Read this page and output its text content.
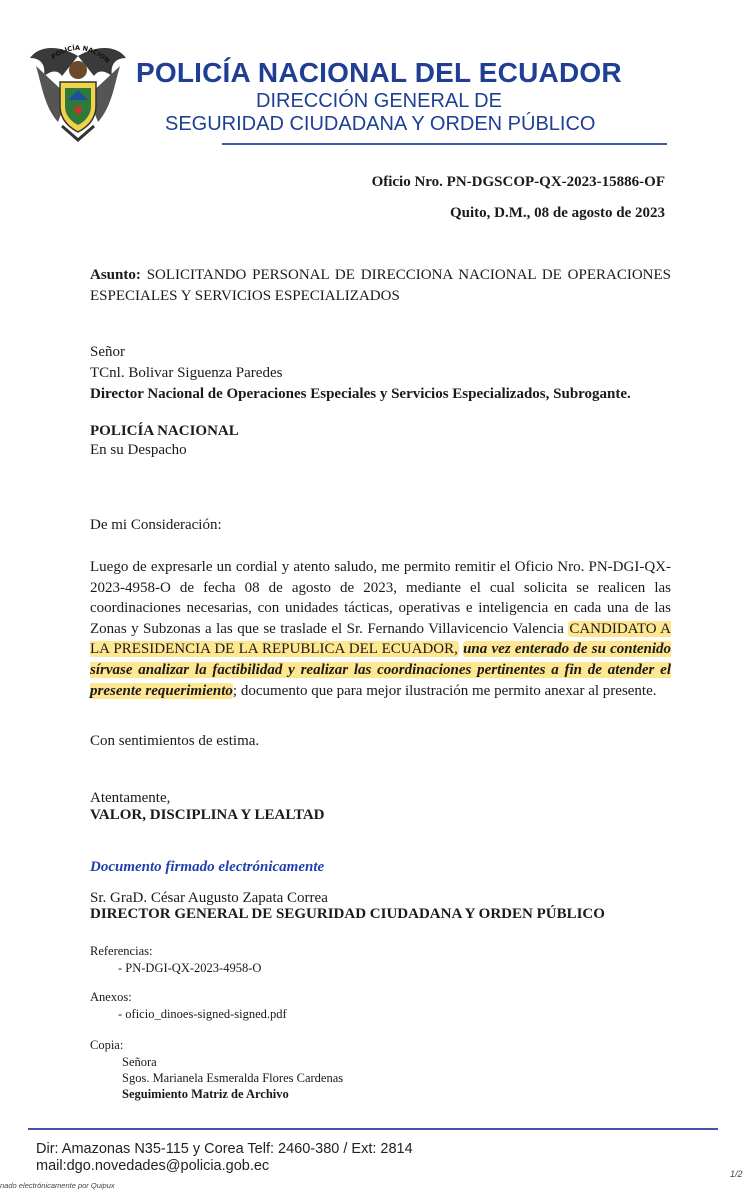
POLICÍA NACION POLICÍA NACIONAL DEL ECUADOR
DIRECCIÓN GENERAL DE
SEGURIDAD CIUDADANA Y ORDEN PÚBLICO
Oficio Nro. PN-DGSCOP-QX-2023-15886-OF
Quito, D.M., 08 de agosto de 2023
Asunto: SOLICITANDO PERSONAL DE DIRECCIONA NACIONAL DE OPERACIONES ESPECIALES Y SERVICIOS ESPECIALIZADOS
Señor
TCnl. Bolivar Siguenza Paredes
Director Nacional de Operaciones Especiales y Servicios Especializados, Subrogante.
POLICÍA NACIONAL
En su Despacho
De mi Consideración:
Luego de expresarle un cordial y atento saludo, me permito remitir el Oficio Nro. PN-DGI-QX-2023-4958-O de fecha 08 de agosto de 2023, mediante el cual solicita se realicen las coordinaciones necesarias, con unidades tácticas, operativas e inteligencia en cada una de las Zonas y Subzonas a las que se traslade el Sr. Fernando Villavicencio Valencia CANDIDATO A LA PRESIDENCIA DE LA REPUBLICA DEL ECUADOR, una vez enterado de su contenido sírvase analizar la factibilidad y realizar las coordinaciones pertinentes a fin de atender el presente requerimiento; documento que para mejor ilustración me permito anexar al presente.
Con sentimientos de estima.
Atentamente,
VALOR, DISCIPLINA Y LEALTAD
Documento firmado electrónicamente
Sr. GraD. César Augusto Zapata Correa
DIRECTOR GENERAL DE SEGURIDAD CIUDADANA Y ORDEN PÚBLICO
Referencias:
- PN-DGI-QX-2023-4958-O
Anexos:
- oficio_dinoes-signed-signed.pdf
Copia:
Señora
Sgos. Marianela Esmeralda Flores Cardenas
Seguimiento Matriz de Archivo
Dir: Amazonas N35-115 y Corea Telf: 2460-380 / Ext: 2814
mail:dgo.novedades@policia.gob.ec
nado electrónicamente por Quipux
1/2
